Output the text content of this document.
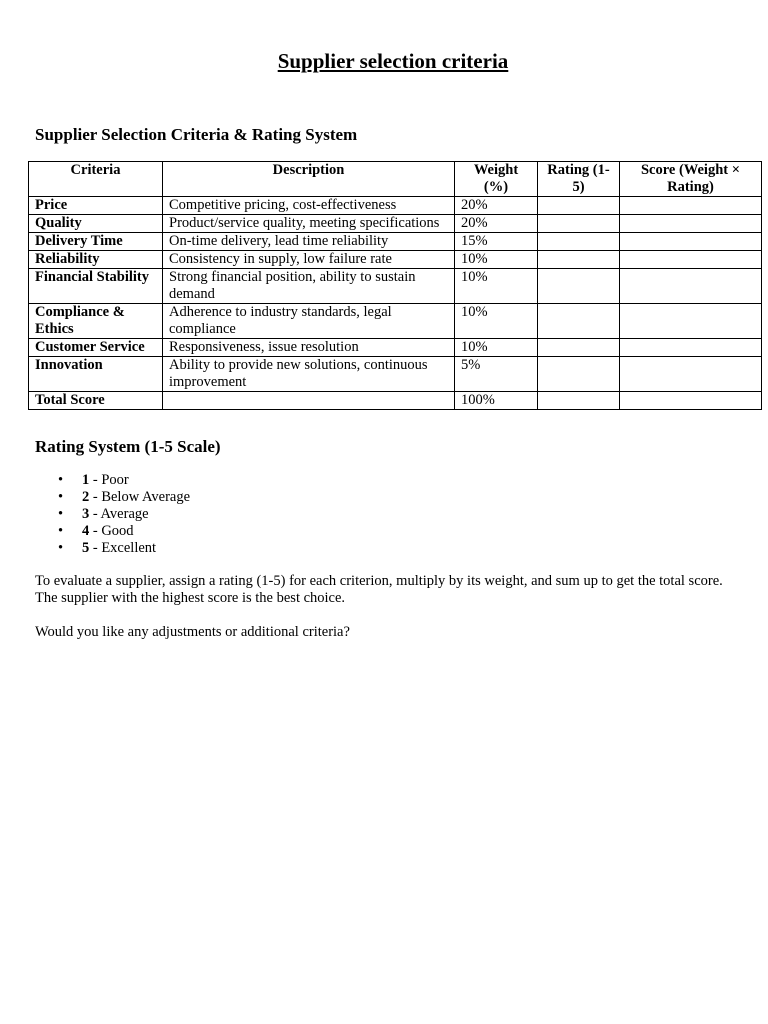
Supplier selection criteria
Supplier Selection Criteria & Rating System
Criteria	Description	Weight (%)	Rating (1-5)	Score (Weight × Rating)
Price	Competitive pricing, cost-effectiveness	20%		
Quality	Product/service quality, meeting specifications	20%		
Delivery Time	On-time delivery, lead time reliability	15%		
Reliability	Consistency in supply, low failure rate	10%		
Financial Stability	Strong financial position, ability to sustain demand	10%		
Compliance & Ethics	Adherence to industry standards, legal compliance	10%		
Customer Service	Responsiveness, issue resolution	10%		
Innovation	Ability to provide new solutions, continuous improvement	5%		
Total Score		100%		
Rating System (1-5 Scale)
• 1 - Poor
• 2 - Below Average
• 3 - Average
• 4 - Good
• 5 - Excellent

To evaluate a supplier, assign a rating (1-5) for each criterion, multiply by its weight, and sum up to get the total score. The supplier with the highest score is the best choice.

Would you like any adjustments or additional criteria?
